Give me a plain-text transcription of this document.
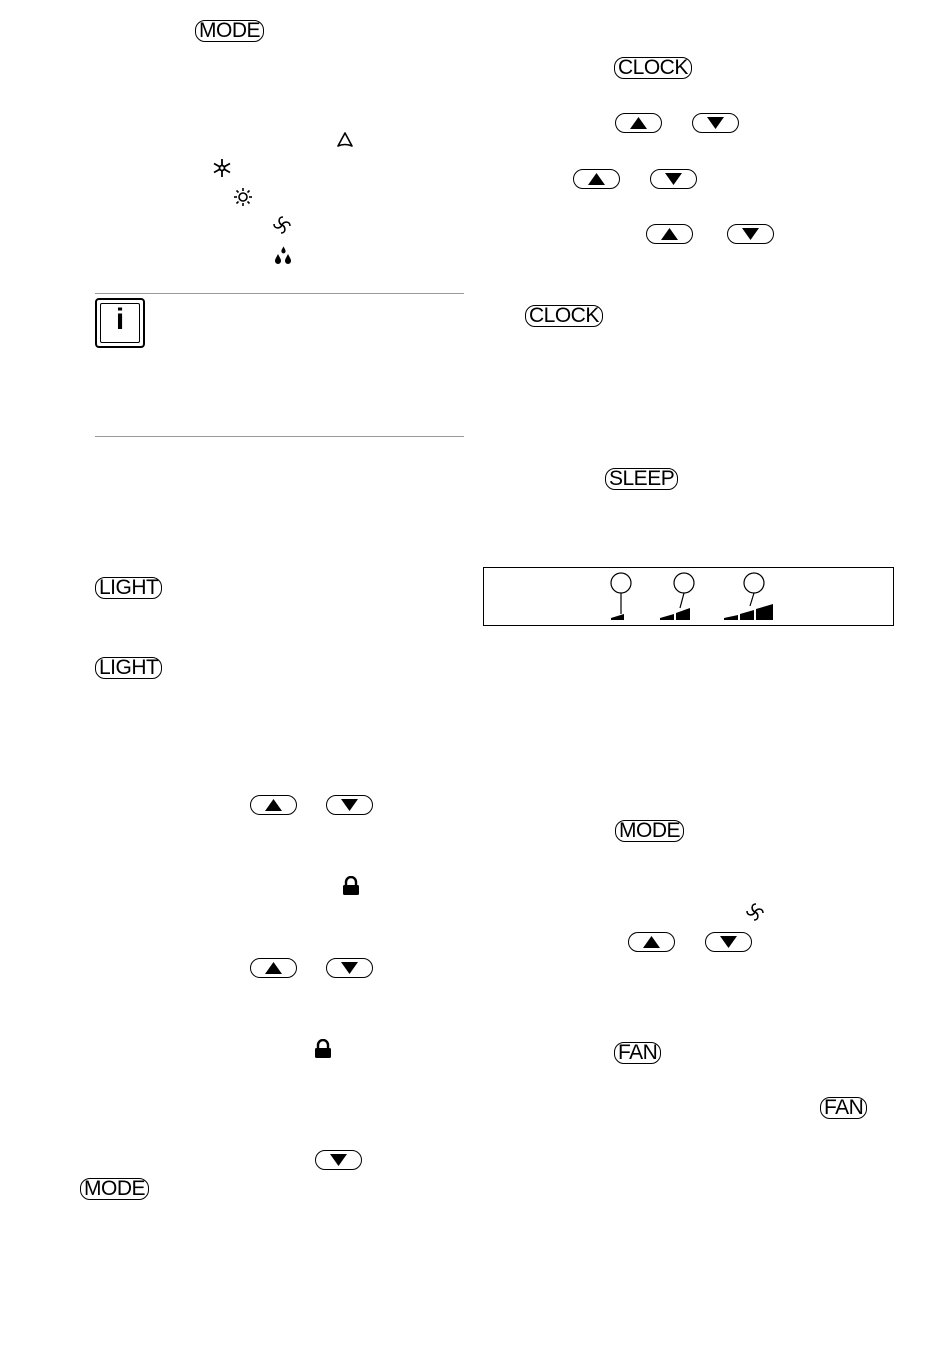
MODE
i
LIGHT
LIGHT
MODE
CLOCK
CLOCK
SLEEP
MODE
FAN
FAN
